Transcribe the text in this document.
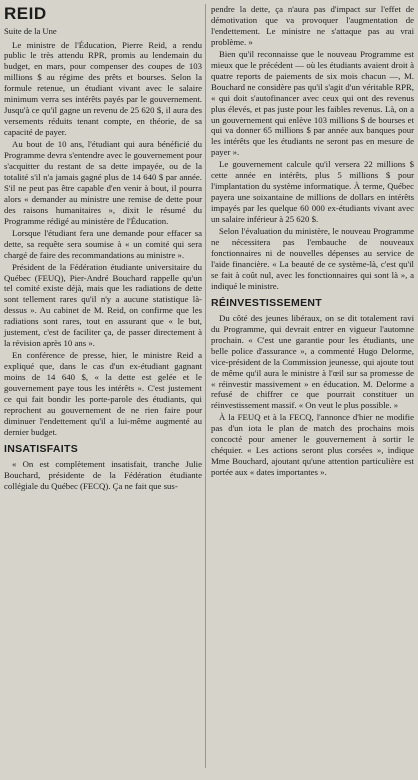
REID
Suite de la Une

Le ministre de l'Éducation, Pierre Reid, a rendu public le très attendu RPR, promis au lendemain du budget, en mars, pour compenser des coupes de 103 millions $ au régime des prêts et bourses. Selon la formule retenue, un étudiant vivant avec le salaire minimum verra ses intérêts payés par le gouvernement. Jusqu'à ce qu'il gagne un revenu de 25 620 $, il aura des versements réduits tenant compte, en théorie, de sa capacité de payer.

Au bout de 10 ans, l'étudiant qui aura bénéficié du Programme devra s'entendre avec le gouvernement pour s'acquitter du restant de sa dette impayée, ou de la totalité s'il n'a jamais gagné plus de 14 640 $ par année. S'il ne peut pas être capable d'en venir à bout, il pourra alors « demander au ministre une remise de dette pour des raisons humanitaires », dixit le résumé du Programme rédigé au ministère de l'Éducation.

Lorsque l'étudiant fera une demande pour effacer sa dette, sa requête sera soumise à « un comité qui sera chargé de faire des recommandations au ministre ».

Président de la Fédération étudiante universitaire du Québec (FEUQ), Pier-André Bouchard rappelle qu'un tel comité existe déjà, mais que les radiations de dette sont tellement rares qu'il n'y a aucune statistique là-dessus ». Au cabinet de M. Reid, on confirme que les radiations sont rares, tout en assurant que « le but, justement, c'est de faciliter ça, de passer directement à la révision après 10 ans ».

En conférence de presse, hier, le ministre Reid a expliqué que, dans le cas d'un ex-étudiant gagnant moins de 14 640 $, « la dette est gelée et le gouvernement paye tous les intérêts ». C'est justement ce qui fait bondir les porte-parole des étudiants, qui reprochent au gouvernement de ne rien faire pour diminuer l'endettement qu'il a lui-même augmenté au dernier budget.

INSATISFAITS

« On est complètement insatisfait, tranche Julie Bouchard, présidente de la Fédération étudiante collégiale du Québec (FECQ). Ça ne fait que sus-

pendre la dette, ça n'aura pas d'impact sur l'effet de démotivation que va provoquer l'augmentation de l'endettement. Le ministre ne s'attaque pas au vrai problème. »

Bien qu'il reconnaisse que le nouveau Programme est mieux que le précédent — où les étudiants avaient droit à quatre reports de paiements de six mois chacun —, M. Bouchard ne considère pas qu'il s'agit d'un véritable RPR, « qui doit s'autofinancer avec ceux qui ont des revenus plus élevés, et pas juste pour les faibles revenus. Là, on a un gouvernement qui enlève 103 millions $ de bourses et qui va donner 65 millions $ par année aux banques pour les intérêts que les étudiants ne seront pas en mesure de payer ».

Le gouvernement calcule qu'il versera 22 millions $ cette année en intérêts, plus 5 millions $ pour l'implantation du système informatique. À terme, Québec payera une soixantaine de millions de dollars en intérêts impayés par les quelque 60 000 ex-étudiants vivant avec un salaire inférieur à 25 620 $.

Selon l'évaluation du ministère, le nouveau Programme ne nécessitera pas l'embauche de nouveaux fonctionnaires ni de nouvelles dépenses au service de l'aide financière. « La beauté de ce système-là, c'est qu'il se fait à coût nul, avec les fonctionnaires qui sont là », a indiqué le ministre.

RÉINVESTISSEMENT

Du côté des jeunes libéraux, on se dit totalement ravi du Programme, qui devrait entrer en vigueur l'automne prochain. « C'est une garantie pour les étudiants, une belle police d'assurance », a commenté Hugo Delorme, vice-président de la Commission jeunesse, qui ajoute tout de même qu'il aura le ministre à l'œil sur sa promesse de « réinvestir massivement » en éducation. M. Delorme a refusé de chiffrer ce que pourrait constituer un réinvestissement massif. « On veut le plus possible. »

À la FEUQ et à la FECQ, l'annonce d'hier ne modifie pas d'un iota le plan de match des prochains mois concocté pour amener le gouvernement à sortir le chéquier. « Les actions seront plus corsées », indique Mme Bouchard, ajoutant qu'une attention particulière est portée aux « dates importantes ».
